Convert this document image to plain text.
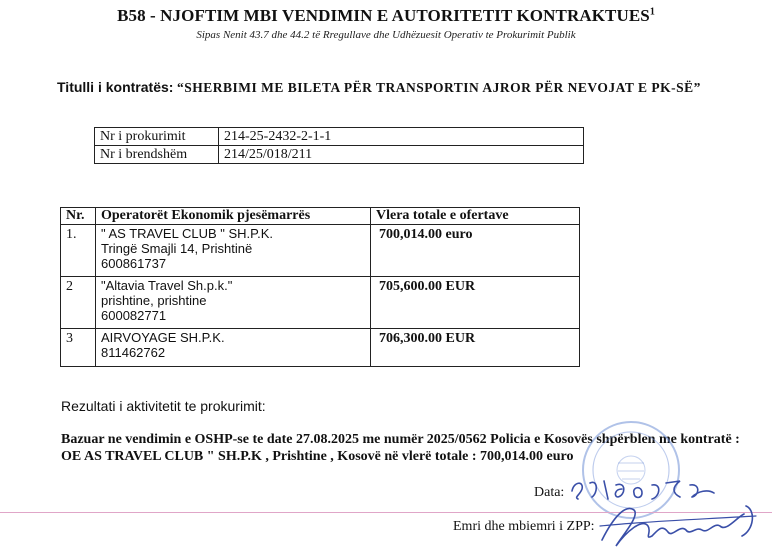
B58 - NJOFTIM MBI VENDIMIN E AUTORITETIT KONTRAKTUES$^1$
Sipas Nenit 43.7 dhe 44.2 të Rregullave dhe Udhëzuesit Operativ te Prokurimit Publik
Titulli i kontratës: “SHERBIMI ME BILETA PËR TRANSPORTIN AJROR PËR NEVOJAT E PK-SË”
Nr i prokurimit	214-25-2432-2-1-1
Nr i brendshëm	214/25/018/211
Nr.	Operatorët Ekonomik pjesëmarrës	Vlera totale e ofertave
1.	" AS TRAVEL CLUB " SH.P.K.
Tringë Smajli 14, Prishtinë
600861737	700,014.00 euro
2	"Altavia Travel Sh.p.k."
prishtine, prishtine
600082771	705,600.00 EUR
3	AIRVOYAGE SH.P.K.
811462762	706,300.00 EUR
Rezultati i aktivitetit te prokurimit:
Bazuar ne vendimin e OSHP-se te date 27.08.2025 me numër 2025/0562 Policia e Kosovës shpërblen me kontratë : OE AS TRAVEL CLUB " SH.P.K , Prishtine , Kosovë në vlerë totale : 700,014.00 euro
Data:
Emri dhe mbiemri i ZPP:
